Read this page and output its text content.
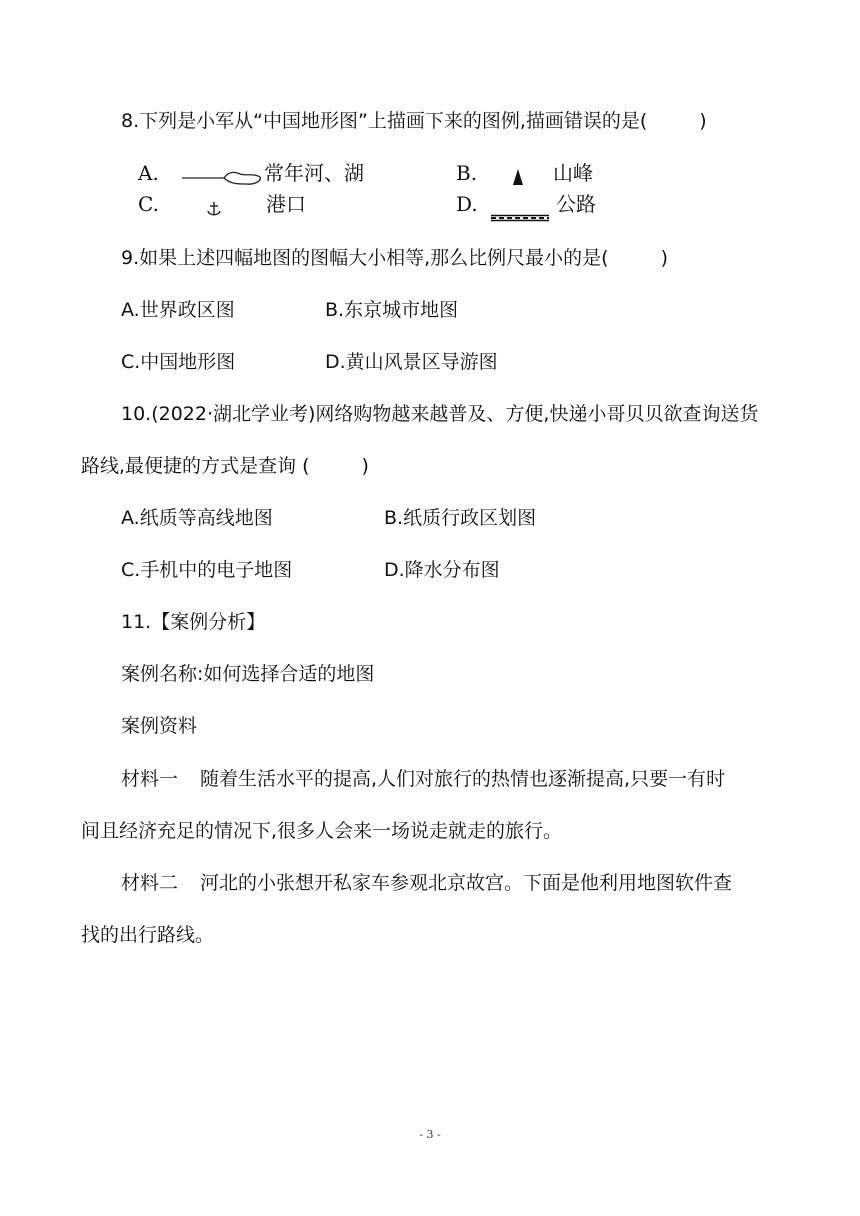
8.下列是小军从“中国地形图”上描画下来的图例,描画错误的是(	)
A.	常年河、湖	B.	山峰
C.	港口	D.	公路
9.如果上述四幅地图的图幅大小相等,那么比例尺最小的是(	)
A.世界政区图	B.东京城市地图
C.中国地形图	D.黄山风景区导游图
10.(2022·湖北学业考)网络购物越来越普及、方便,快递小哥贝贝欲查询送货
路线,最便捷的方式是查询 (	)
A.纸质等高线地图	B.纸质行政区划图
C.手机中的电子地图	D.降水分布图
11.【案例分析】
案例名称:如何选择合适的地图
案例资料
材料一 随着生活水平的提高,人们对旅行的热情也逐渐提高,只要一有时
间且经济充足的情况下,很多人会来一场说走就走的旅行。
材料二 河北的小张想开私家车参观北京故宫。下面是他利用地图软件查
找的出行路线。
- 3 -
